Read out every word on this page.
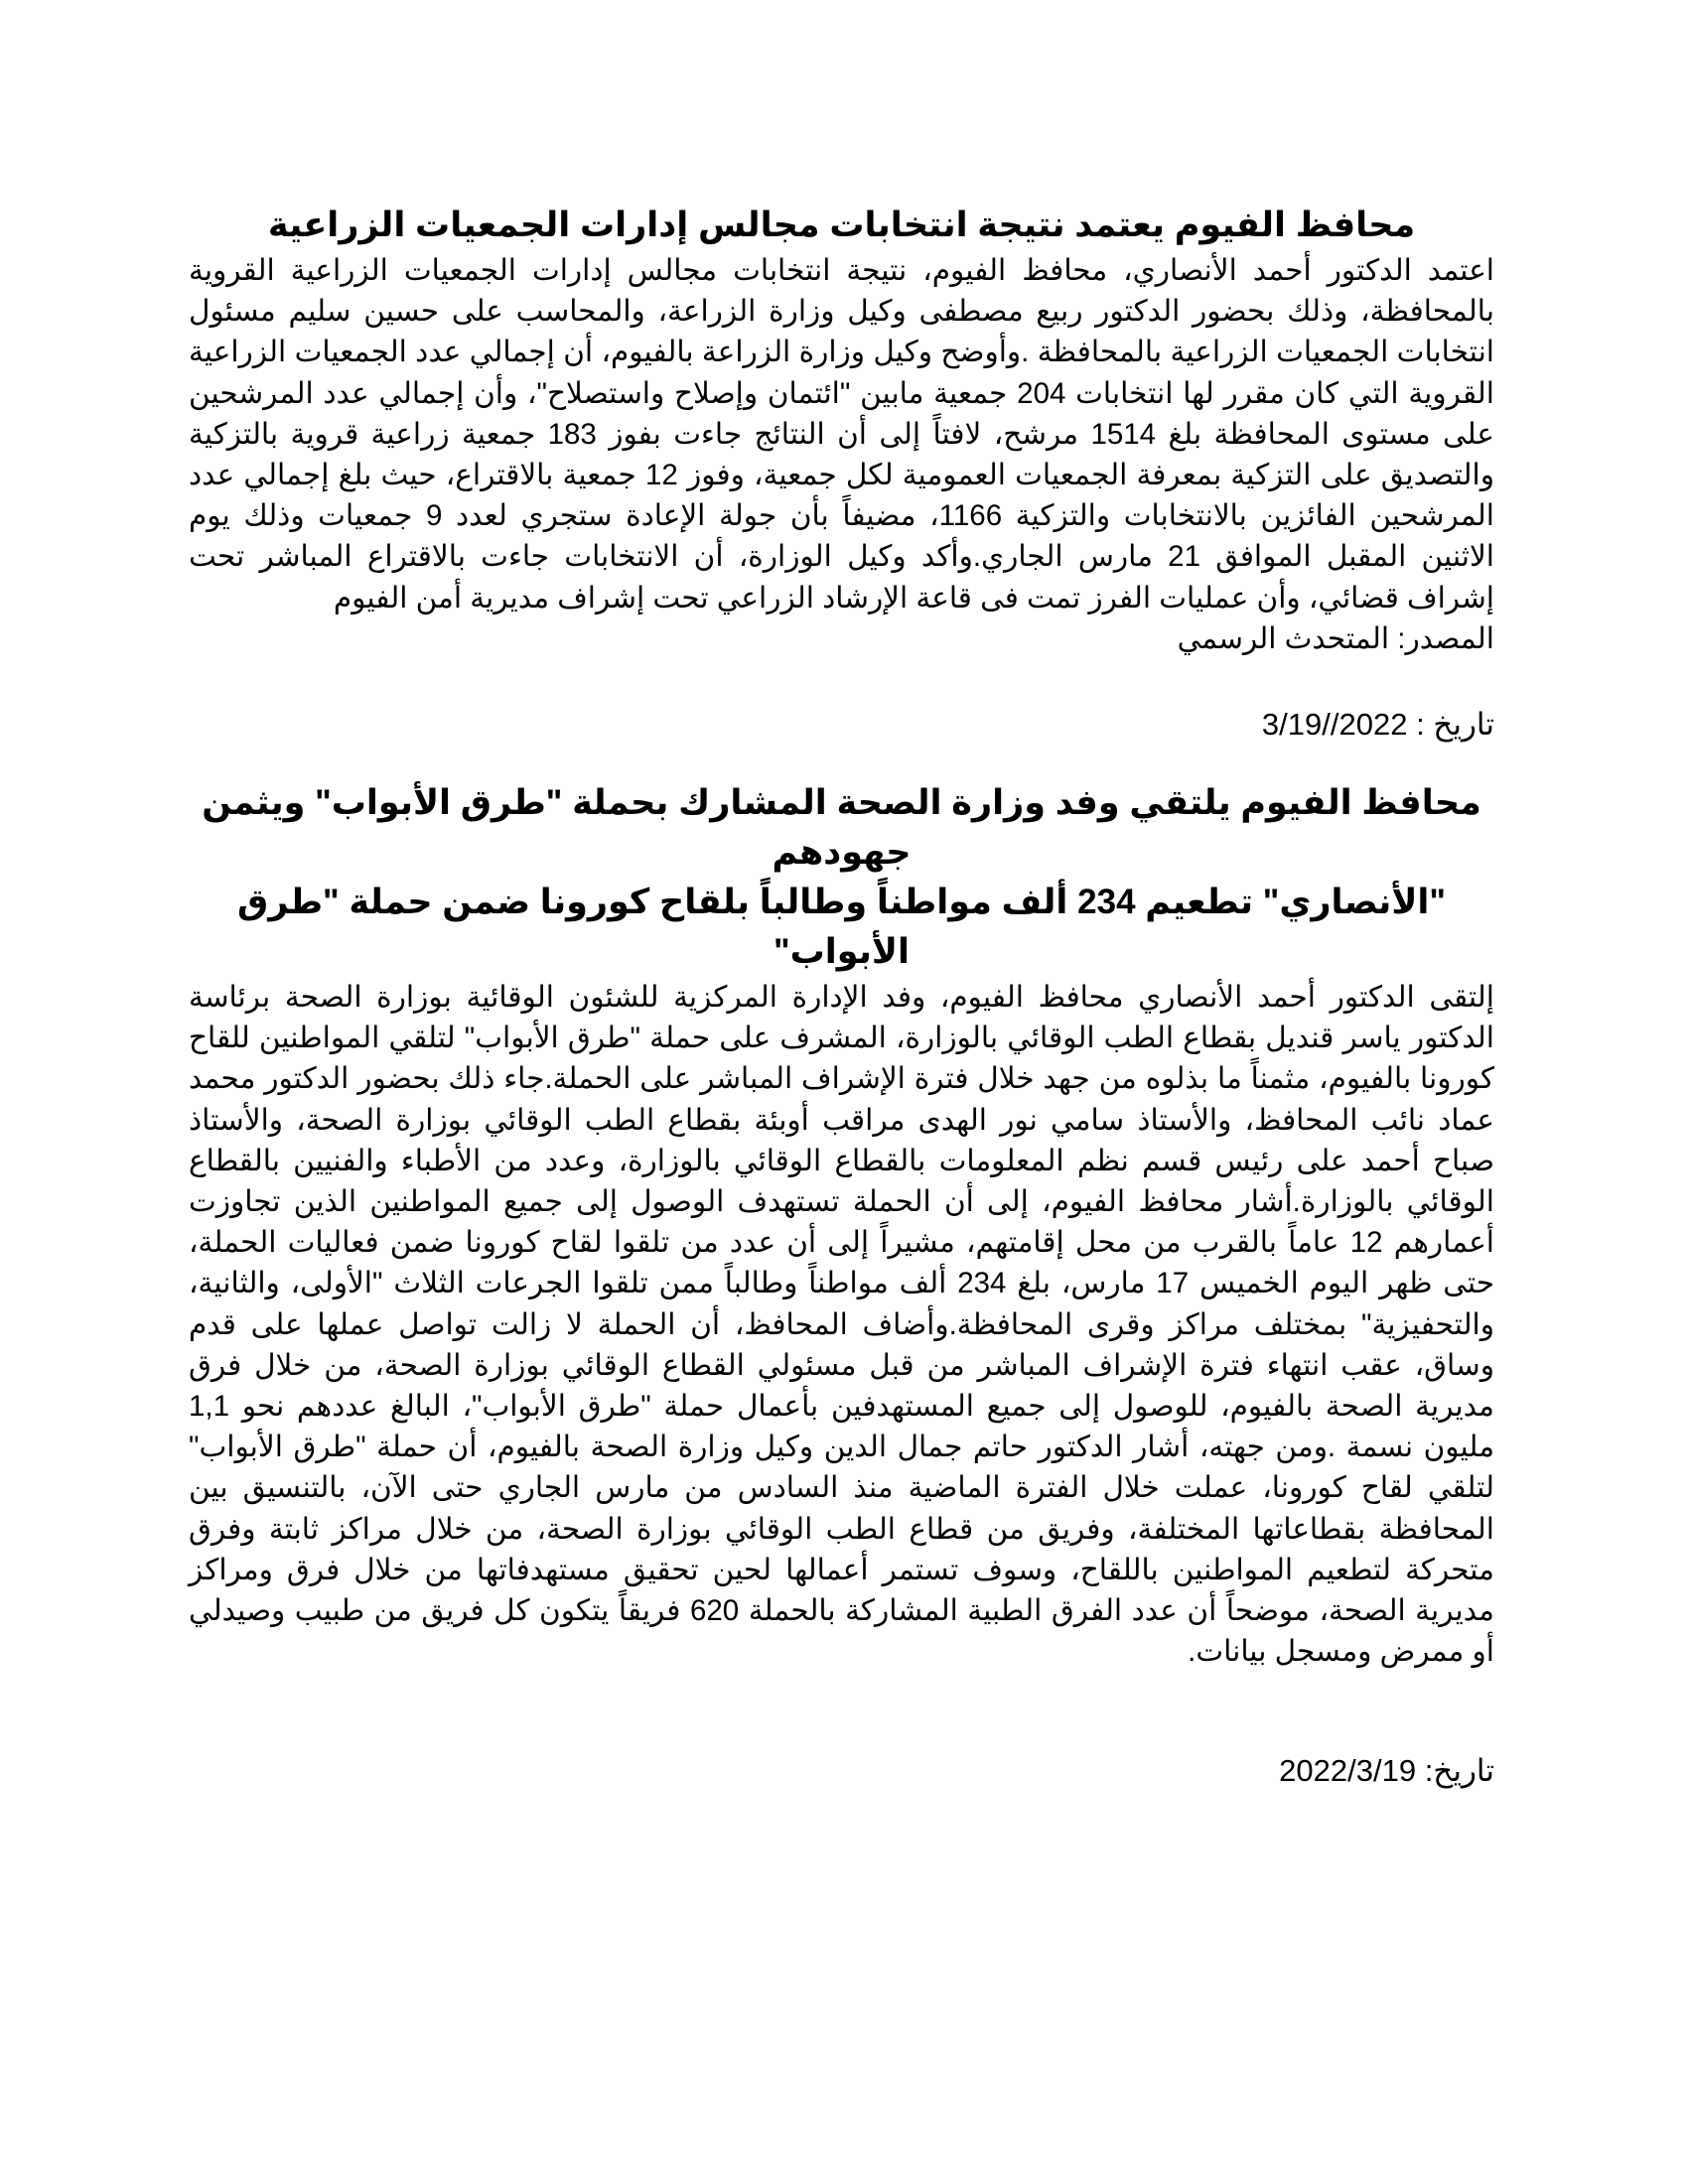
محافظ الفيوم يعتمد نتيجة انتخابات مجالس إدارات الجمعيات الزراعية

اعتمد الدكتور أحمد الأنصاري، محافظ الفيوم، نتيجة انتخابات مجالس إدارات الجمعيات الزراعية القروية بالمحافظة، وذلك بحضور الدكتور ربيع مصطفى وكيل وزارة الزراعة، والمحاسب على حسين سليم مسئول انتخابات الجمعيات الزراعية بالمحافظة .وأوضح وكيل وزارة الزراعة بالفيوم، أن إجمالي عدد الجمعيات الزراعية القروية التي كان مقرر لها انتخابات 204 جمعية مابين "ائتمان وإصلاح واستصلاح"، وأن إجمالي عدد المرشحين على مستوى المحافظة بلغ 1514 مرشح، لافتاً إلى أن النتائج جاءت بفوز 183 جمعية زراعية قروية بالتزكية والتصديق على التزكية بمعرفة الجمعيات العمومية لكل جمعية، وفوز 12 جمعية بالاقتراع، حيث بلغ إجمالي عدد المرشحين الفائزين بالانتخابات والتزكية 1166، مضيفاً بأن جولة الإعادة ستجري لعدد 9 جمعيات وذلك يوم الاثنين المقبل الموافق 21 مارس الجاري.وأكد وكيل الوزارة، أن الانتخابات جاءت بالاقتراع المباشر تحت إشراف قضائي، وأن عمليات الفرز تمت فى قاعة الإرشاد الزراعي تحت إشراف مديرية أمن الفيوم

المصدر: المتحدث الرسمي

تاريخ : 2022//3/19

محافظ الفيوم يلتقي وفد وزارة الصحة المشارك بحملة "طرق الأبواب" ويثمن جهودهم
"الأنصاري" تطعيم 234 ألف مواطناً وطالباً بلقاح كورونا ضمن حملة "طرق الأبواب"

إلتقى الدكتور أحمد الأنصاري محافظ الفيوم، وفد الإدارة المركزية للشئون الوقائية بوزارة الصحة برئاسة الدكتور ياسر قنديل بقطاع الطب الوقائي بالوزارة، المشرف على حملة "طرق الأبواب" لتلقي المواطنين للقاح كورونا بالفيوم، مثمناً ما بذلوه من جهد خلال فترة الإشراف المباشر على الحملة.جاء ذلك بحضور الدكتور محمد عماد نائب المحافظ، والأستاذ سامي نور الهدى مراقب أوبئة بقطاع الطب الوقائي بوزارة الصحة، والأستاذ صباح أحمد على رئيس قسم نظم المعلومات بالقطاع الوقائي بالوزارة، وعدد من الأطباء والفنيين بالقطاع الوقائي بالوزارة.أشار محافظ الفيوم، إلى أن الحملة تستهدف الوصول إلى جميع المواطنين الذين تجاوزت أعمارهم 12 عاماً بالقرب من محل إقامتهم، مشيراً إلى أن عدد من تلقوا لقاح كورونا ضمن فعاليات الحملة، حتى ظهر اليوم الخميس 17 مارس، بلغ 234 ألف مواطناً وطالباً ممن تلقوا الجرعات الثلاث "الأولى، والثانية، والتحفيزية" بمختلف مراكز وقرى المحافظة.وأضاف المحافظ، أن الحملة لا زالت تواصل عملها على قدم وساق، عقب انتهاء فترة الإشراف المباشر من قبل مسئولي القطاع الوقائي بوزارة الصحة، من خلال فرق مديرية الصحة بالفيوم، للوصول إلى جميع المستهدفين بأعمال حملة "طرق الأبواب"، البالغ عددهم نحو 1,1 مليون نسمة .ومن جهته، أشار الدكتور حاتم جمال الدين وكيل وزارة الصحة بالفيوم، أن حملة "طرق الأبواب" لتلقي لقاح كورونا، عملت خلال الفترة الماضية منذ السادس من مارس الجاري حتى الآن، بالتنسيق بين المحافظة بقطاعاتها المختلفة، وفريق من قطاع الطب الوقائي بوزارة الصحة، من خلال مراكز ثابتة وفرق متحركة لتطعيم المواطنين باللقاح، وسوف تستمر أعمالها لحين تحقيق مستهدفاتها من خلال فرق ومراكز مديرية الصحة، موضحاً أن عدد الفرق الطبية المشاركة بالحملة 620 فريقاً يتكون كل فريق من طبيب وصيدلي أو ممرض ومسجل بيانات.

تاريخ: 2022/3/19
